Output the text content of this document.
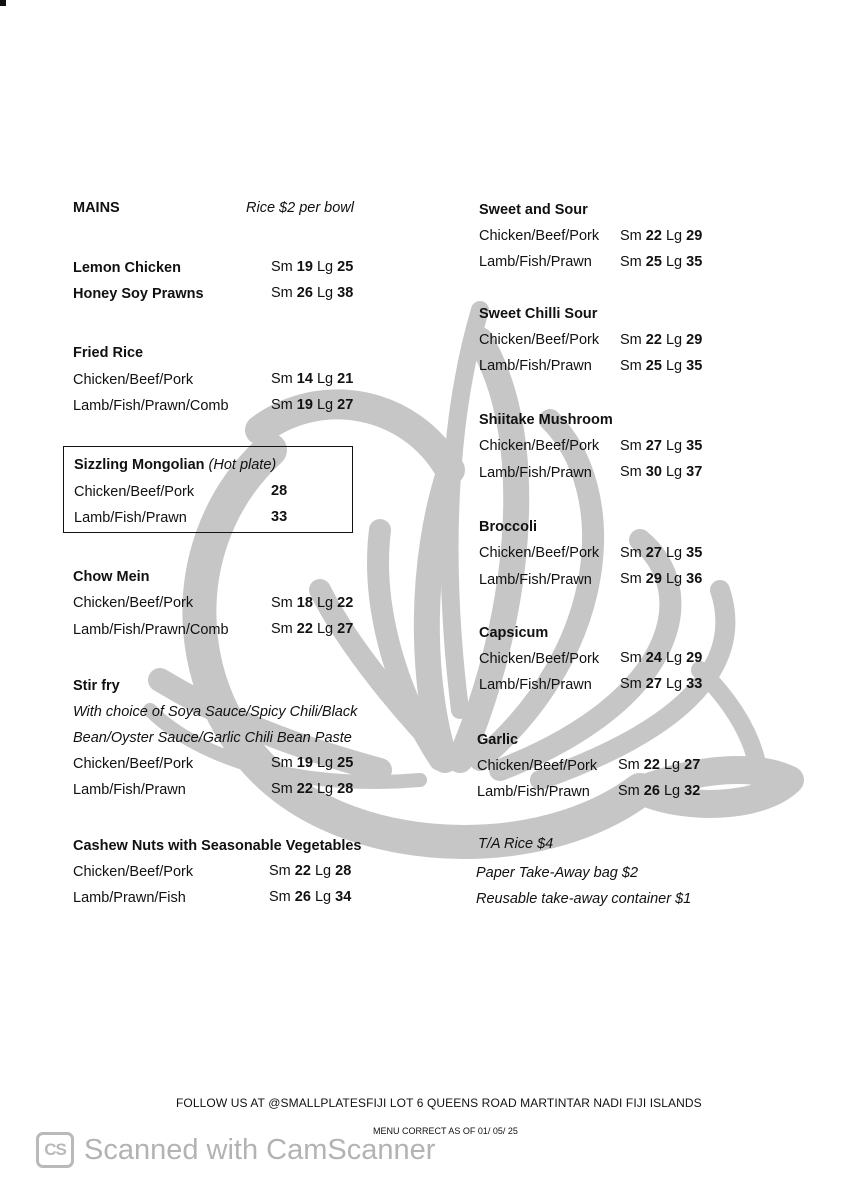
MAINS	Rice $2 per bowl
Lemon Chicken	Sm 19 Lg 25
Honey Soy Prawns	Sm 26 Lg 38
Fried Rice
Chicken/Beef/Pork	Sm 14 Lg 21
Lamb/Fish/Prawn/Comb	Sm 19 Lg 27
Sizzling Mongolian (Hot plate)
Chicken/Beef/Pork	28
Lamb/Fish/Prawn	33
Chow Mein
Chicken/Beef/Pork	Sm 18 Lg 22
Lamb/Fish/Prawn/Comb	Sm 22 Lg 27
Stir fry
With choice of Soya Sauce/Spicy Chili/Black
Bean/Oyster Sauce/Garlic Chili Bean Paste
Chicken/Beef/Pork	Sm 19 Lg 25
Lamb/Fish/Prawn	Sm 22 Lg 28
Cashew Nuts with Seasonable Vegetables
Chicken/Beef/Pork	Sm 22 Lg 28
Lamb/Prawn/Fish	Sm 26 Lg 34
Sweet and Sour
Chicken/Beef/Pork Sm 22 Lg 29
Lamb/Fish/Prawn Sm 25 Lg 35
Sweet Chilli Sour
Chicken/Beef/Pork Sm 22 Lg 29
Lamb/Fish/Prawn Sm 25 Lg 35
Shiitake Mushroom
Chicken/Beef/Pork Sm 27 Lg 35
Lamb/Fish/Prawn Sm 30 Lg 37
Broccoli
Chicken/Beef/Pork Sm 27 Lg 35
Lamb/Fish/Prawn Sm 29 Lg 36
Capsicum
Chicken/Beef/Pork Sm 24 Lg 29
Lamb/Fish/Prawn Sm 27 Lg 33
Garlic
Chicken/Beef/Pork Sm 22 Lg 27
Lamb/Fish/Prawn Sm 26 Lg 32
T/A Rice $4
Paper Take-Away bag $2
Reusable take-away container $1
FOLLOW US AT @SMALLPLATESFIJI LOT 6 QUEENS ROAD MARTINTAR NADI FIJI ISLANDS
MENU CORRECT AS OF 01/ 05/ 25
CS Scanned with CamScanner
